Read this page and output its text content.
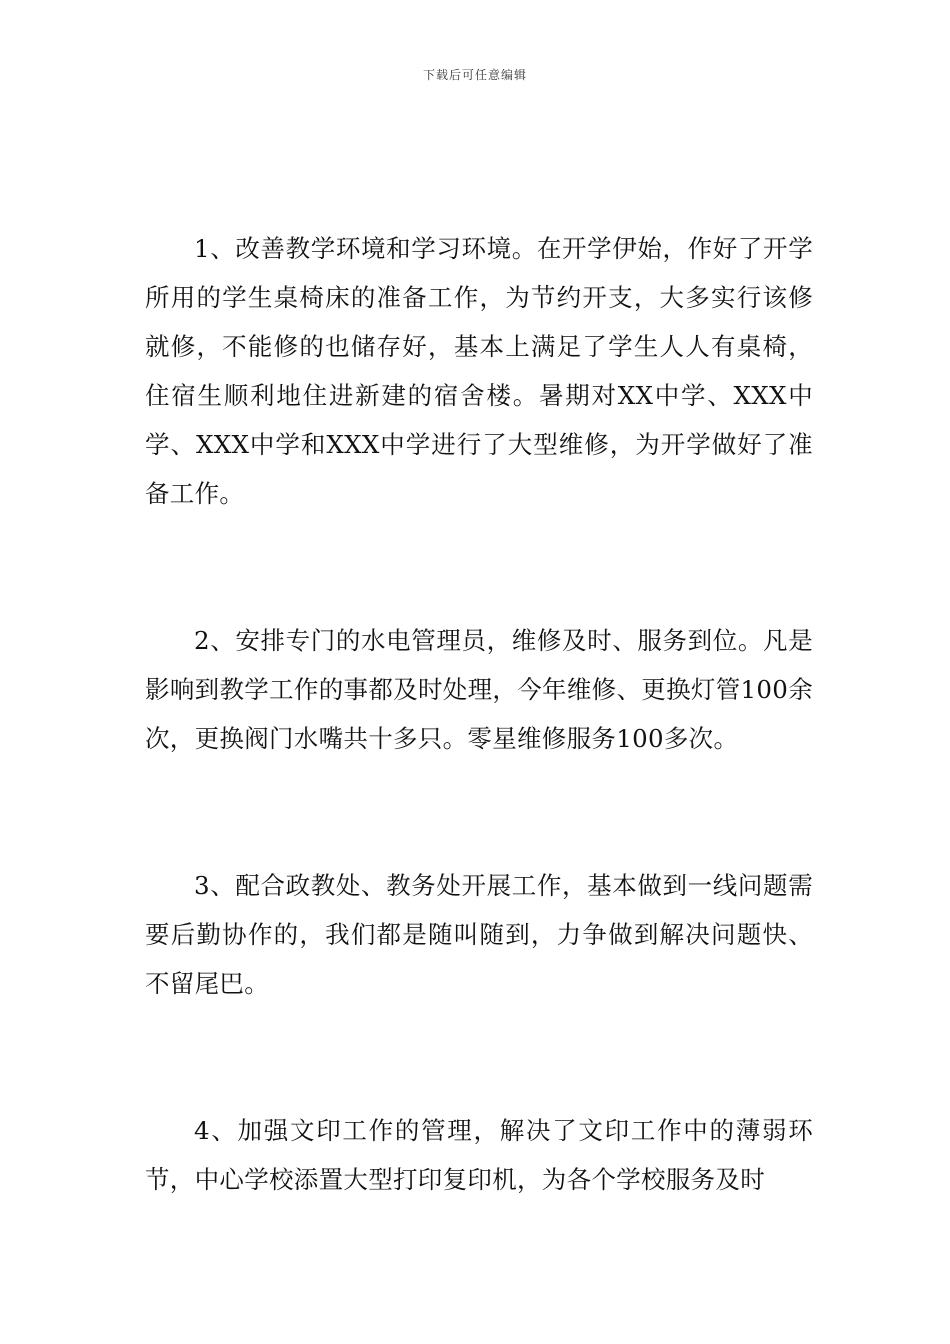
下载后可任意编辑

1、改善教学环境和学习环境。在开学伊始，作好了开学所用的学生桌椅床的准备工作，为节约开支，大多实行该修就修，不能修的也储存好，基本上满足了学生人人有桌椅，住宿生顺利地住进新建的宿舍楼。暑期对XX中学、XXX中学、XXX中学和XXX中学进行了大型维修，为开学做好了准备工作。

2、安排专门的水电管理员，维修及时、服务到位。凡是影响到教学工作的事都及时处理，今年维修、更换灯管100余次，更换阀门水嘴共十多只。零星维修服务100多次。

3、配合政教处、教务处开展工作，基本做到一线问题需要后勤协作的，我们都是随叫随到，力争做到解决问题快、不留尾巴。

4、加强文印工作的管理，解决了文印工作中的薄弱环节，中心学校添置大型打印复印机，为各个学校服务及时
